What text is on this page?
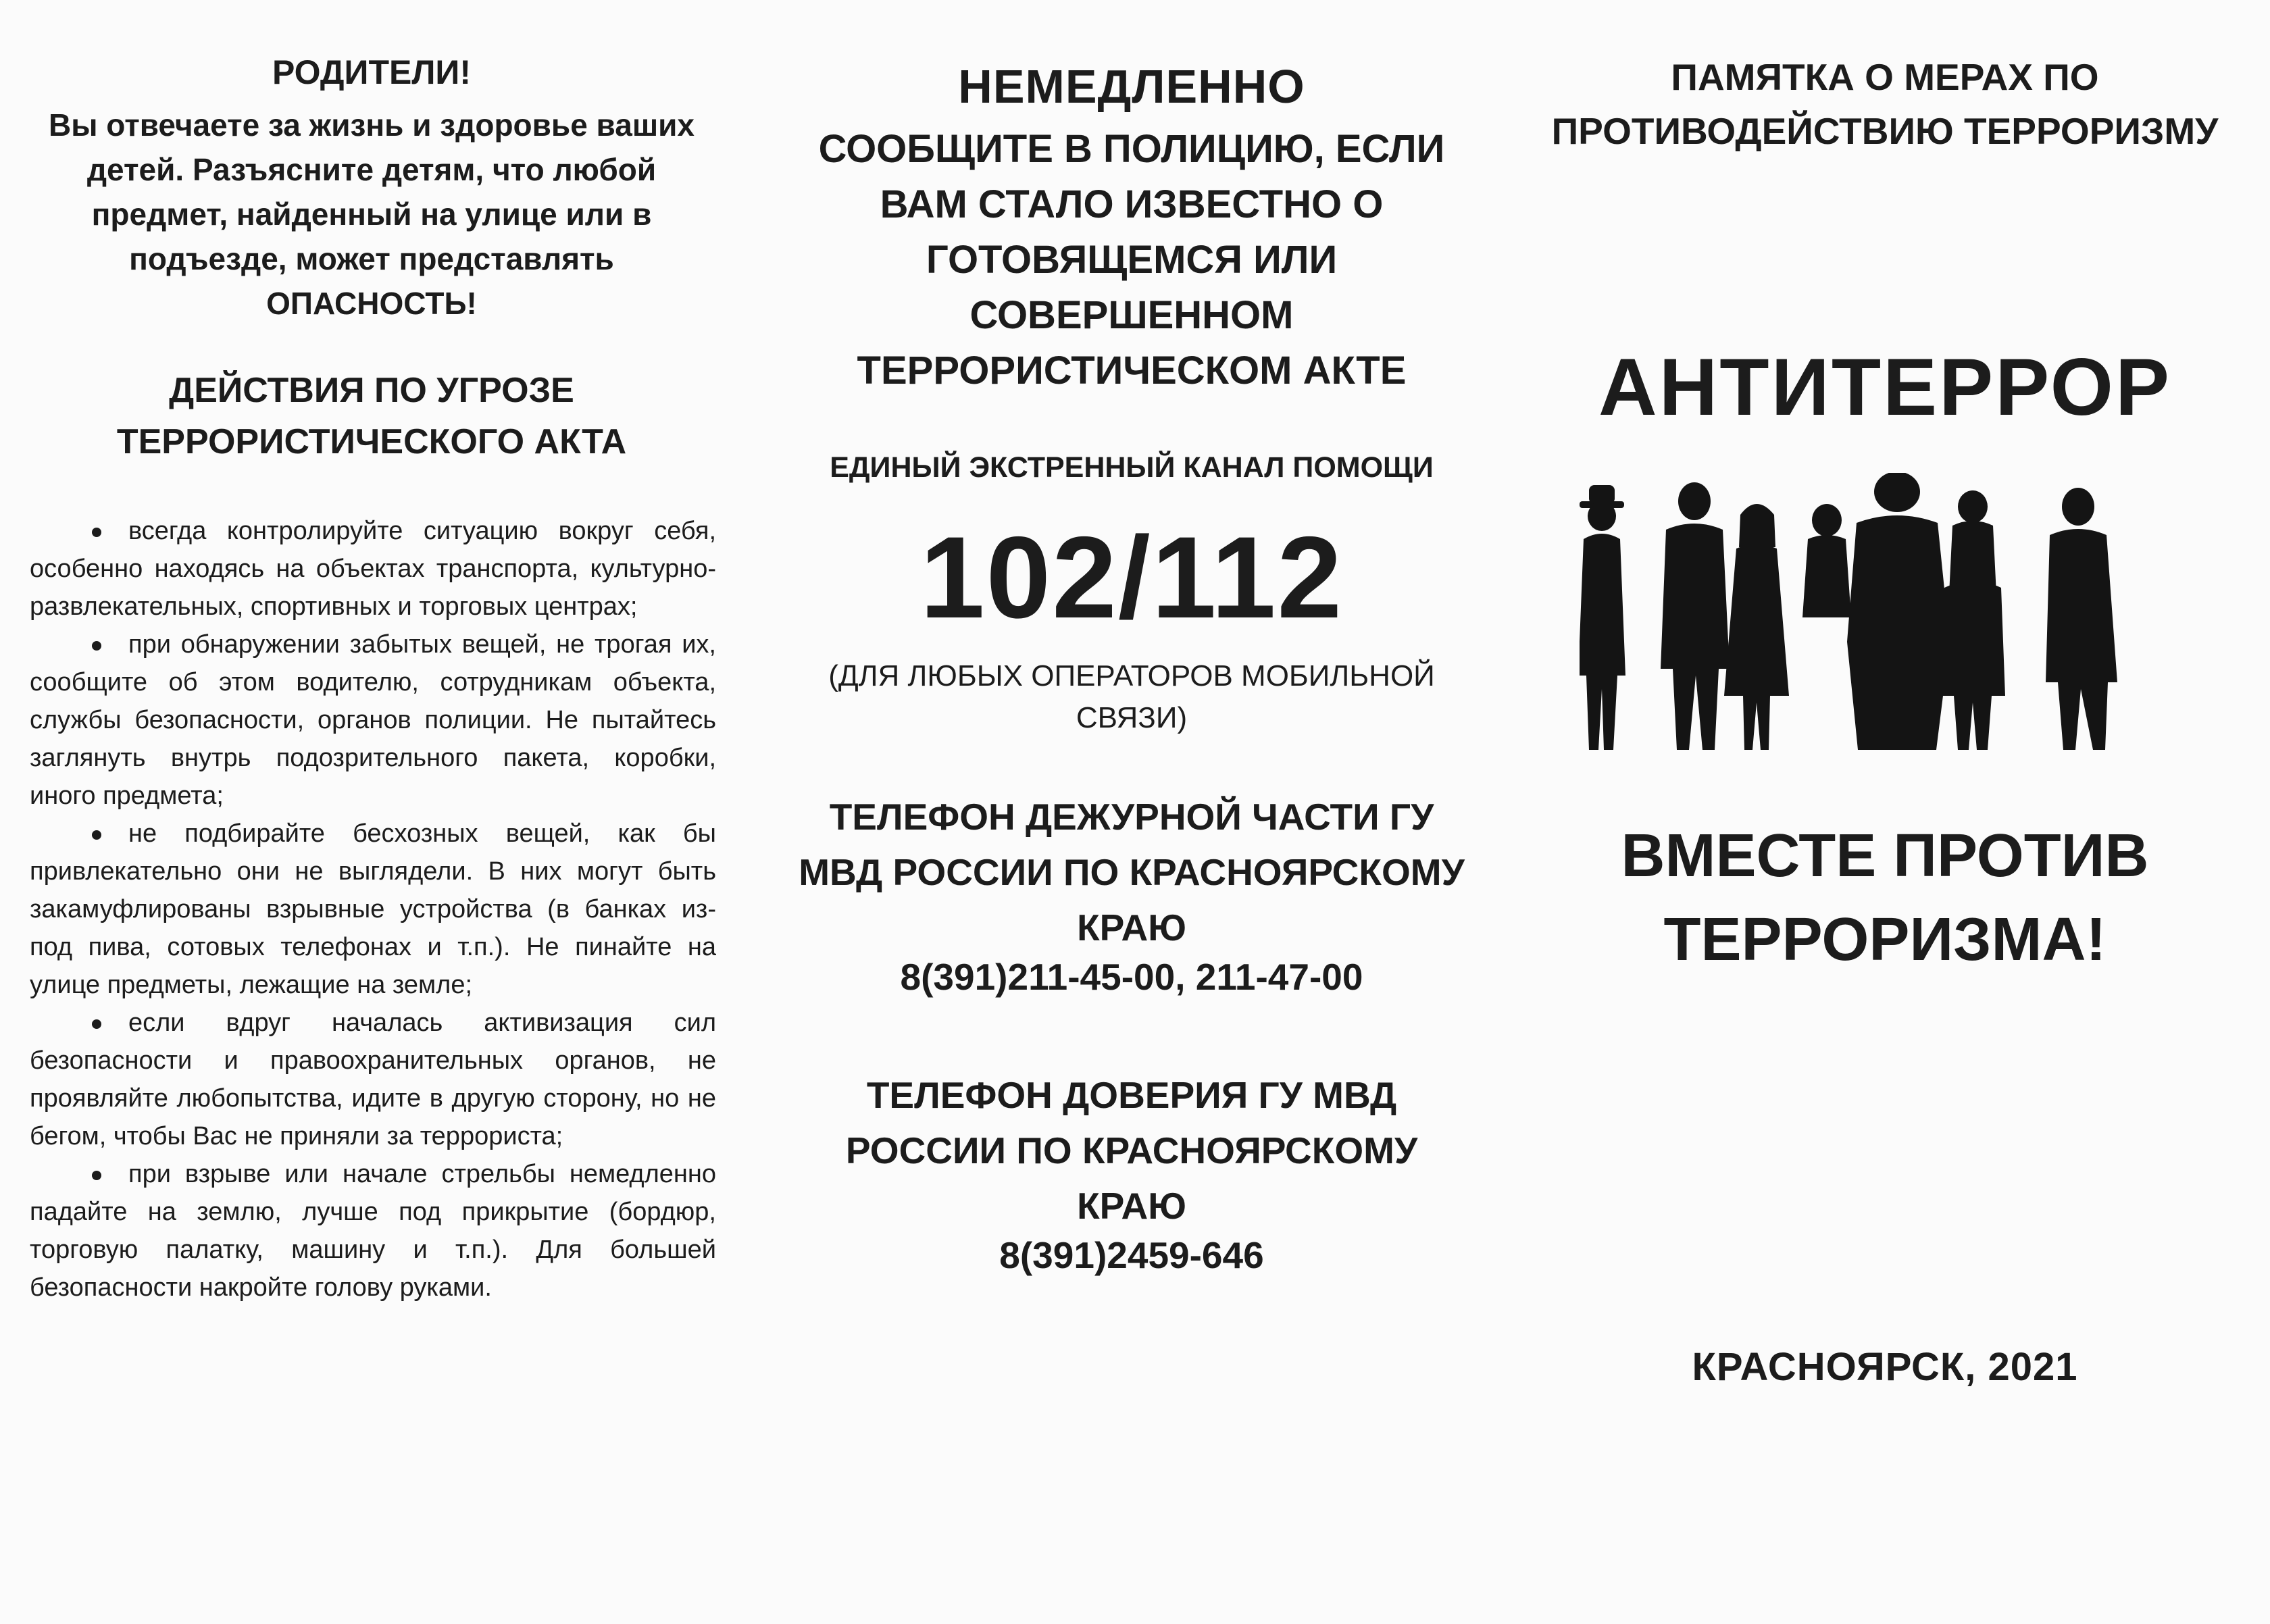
РОДИТЕЛИ!
Вы отвечаете за жизнь и здоровье ваших детей. Разъясните детям, что любой предмет, найденный на улице или в подъезде, может представлять ОПАСНОСТЬ!
ДЕЙСТВИЯ ПО УГРОЗЕ ТЕРРОРИСТИЧЕСКОГО АКТА

всегда контролируйте ситуацию вокруг себя, особенно находясь на объектах транспорта, культурно-развлекательных, спортивных и торговых центрах;

при обнаружении забытых вещей, не трогая их, сообщите об этом водителю, сотрудникам объекта, службы безопасности, органов полиции. Не пытайтесь заглянуть внутрь подозрительного пакета, коробки, иного предмета;

не подбирайте бесхозных вещей, как бы привлекательно они не выглядели. В них могут быть закамуфлированы взрывные устройства (в банках из-под пива, сотовых телефонах и т.п.). Не пинайте на улице предметы, лежащие на земле;

если вдруг началась активизация сил безопасности и правоохранительных органов, не проявляйте любопытства, идите в другую сторону, но не бегом, чтобы Вас не приняли за террориста;

при взрыве или начале стрельбы немедленно падайте на землю, лучше под прикрытие (бордюр, торговую палатку, машину и т.п.). Для большей безопасности накройте голову руками.

НЕМЕДЛЕННО
СООБЩИТЕ В ПОЛИЦИЮ, ЕСЛИ ВАМ СТАЛО ИЗВЕСТНО О ГОТОВЯЩЕМСЯ ИЛИ СОВЕРШЕННОМ ТЕРРОРИСТИЧЕСКОМ АКТЕ
ЕДИНЫЙ ЭКСТРЕННЫЙ КАНАЛ ПОМОЩИ
102/112
(ДЛЯ ЛЮБЫХ ОПЕРАТОРОВ МОБИЛЬНОЙ СВЯЗИ)
ТЕЛЕФОН ДЕЖУРНОЙ ЧАСТИ ГУ МВД РОССИИ ПО КРАСНОЯРСКОМУ КРАЮ
8(391)211-45-00, 211-47-00
ТЕЛЕФОН ДОВЕРИЯ ГУ МВД РОССИИ ПО КРАСНОЯРСКОМУ КРАЮ
8(391)2459-646
ПАМЯТКА О МЕРАХ ПО ПРОТИВОДЕЙСТВИЮ ТЕРРОРИЗМУ
АНТИТЕРРОР
ВМЕСТЕ ПРОТИВ ТЕРРОРИЗМА!
КРАСНОЯРСК, 2021
